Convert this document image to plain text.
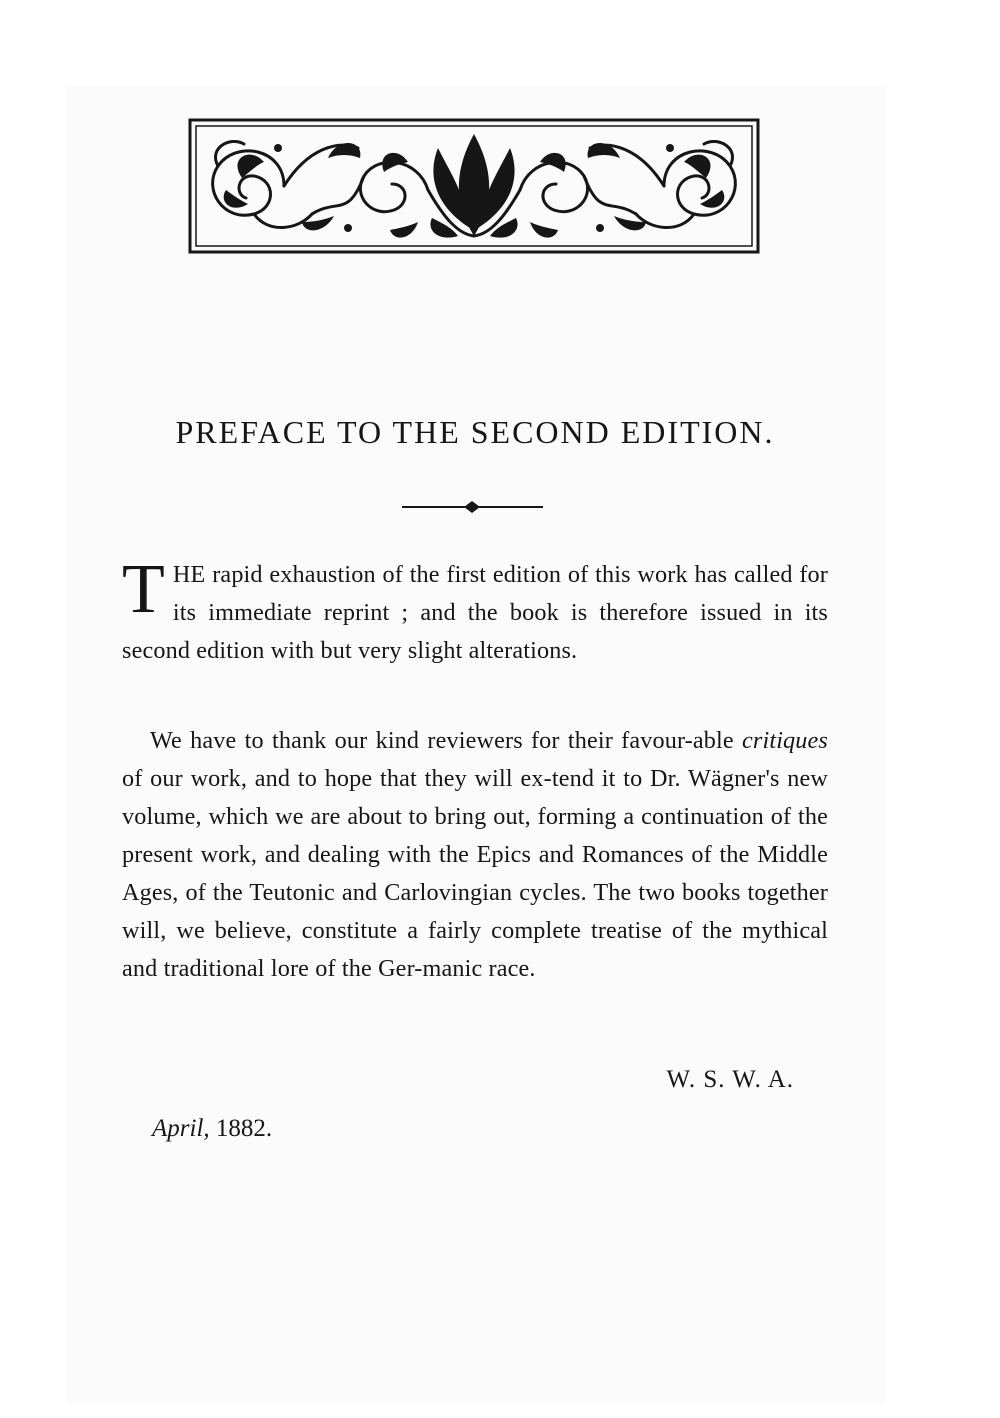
PREFACE TO THE SECOND EDITION.

THE rapid exhaustion of the first edition of this work has called for its immediate reprint ; and the book is therefore issued in its second edition with but very slight alterations.

We have to thank our kind reviewers for their favour-able critiques of our work, and to hope that they will ex-tend it to Dr. Wägner's new volume, which we are about to bring out, forming a continuation of the present work, and dealing with the Epics and Romances of the Middle Ages, of the Teutonic and Carlovingian cycles. The two books together will, we believe, constitute a fairly complete treatise of the mythical and traditional lore of the Ger-manic race.

W. S. W. A.

April, 1882.
